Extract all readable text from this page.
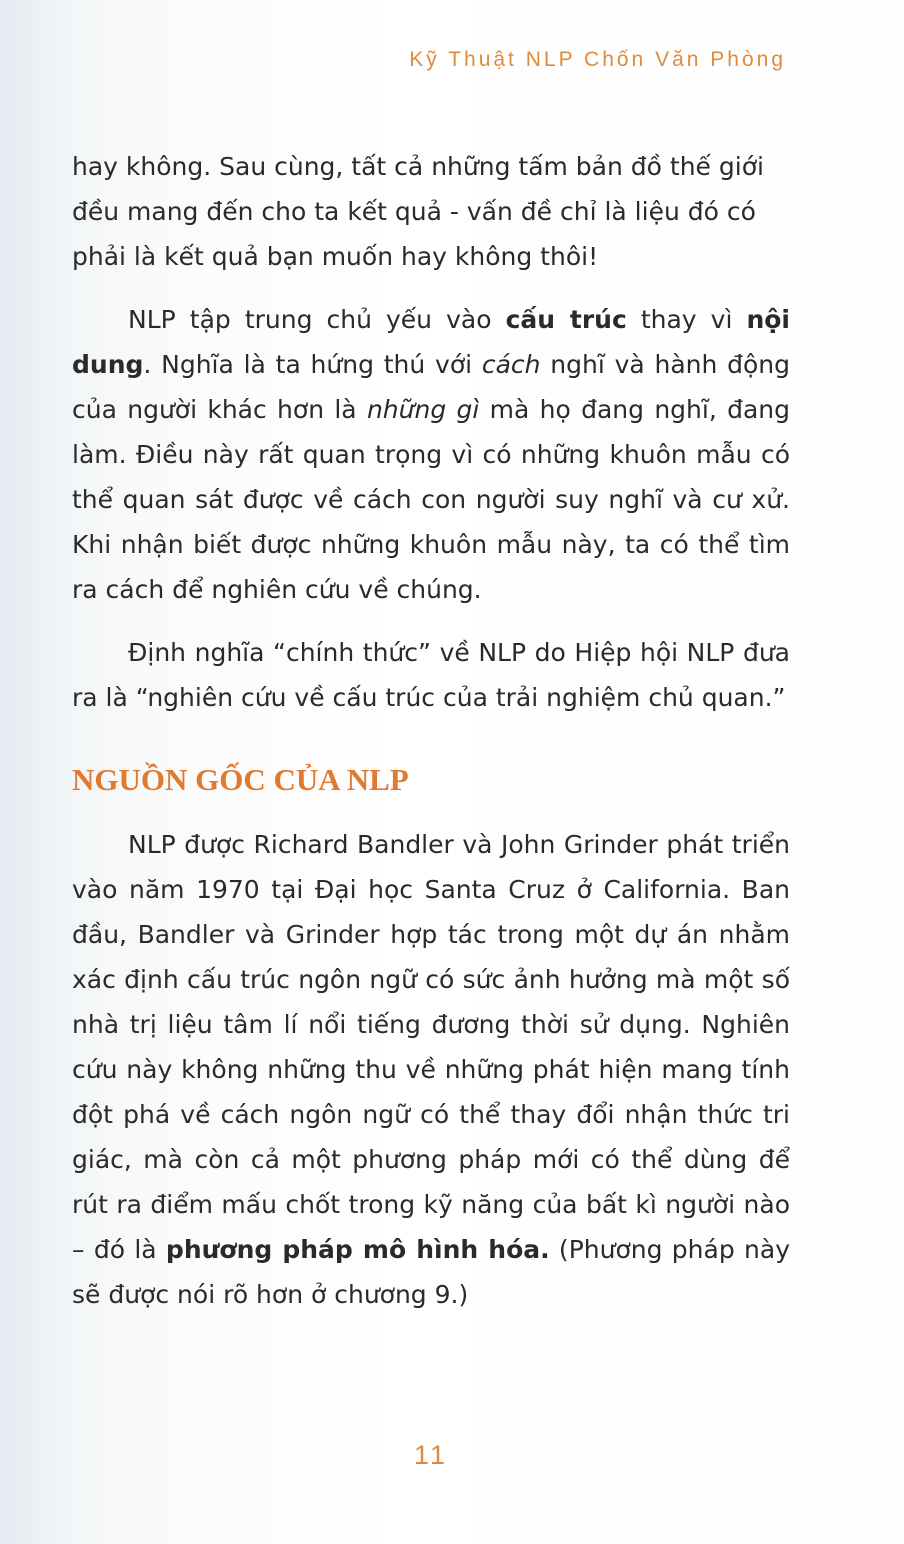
Kỹ Thuật NLP Chốn Văn Phòng

hay không. Sau cùng, tất cả những tấm bản đồ thế giới đều mang đến cho ta kết quả - vấn đề chỉ là liệu đó có phải là kết quả bạn muốn hay không thôi!

NLP tập trung chủ yếu vào cấu trúc thay vì nội dung. Nghĩa là ta hứng thú với cách nghĩ và hành động của người khác hơn là những gì mà họ đang nghĩ, đang làm. Điều này rất quan trọng vì có những khuôn mẫu có thể quan sát được về cách con người suy nghĩ và cư xử. Khi nhận biết được những khuôn mẫu này, ta có thể tìm ra cách để nghiên cứu về chúng.

Định nghĩa “chính thức” về NLP do Hiệp hội NLP đưa ra là “nghiên cứu về cấu trúc của trải nghiệm chủ quan.”

NGUỒN GỐC CỦA NLP

NLP được Richard Bandler và John Grinder phát triển vào năm 1970 tại Đại học Santa Cruz ở California. Ban đầu, Bandler và Grinder hợp tác trong một dự án nhằm xác định cấu trúc ngôn ngữ có sức ảnh hưởng mà một số nhà trị liệu tâm lí nổi tiếng đương thời sử dụng. Nghiên cứu này không những thu về những phát hiện mang tính đột phá về cách ngôn ngữ có thể thay đổi nhận thức tri giác, mà còn cả một phương pháp mới có thể dùng để rút ra điểm mấu chốt trong kỹ năng của bất kì người nào – đó là phương pháp mô hình hóa. (Phương pháp này sẽ được nói rõ hơn ở chương 9.)

11
